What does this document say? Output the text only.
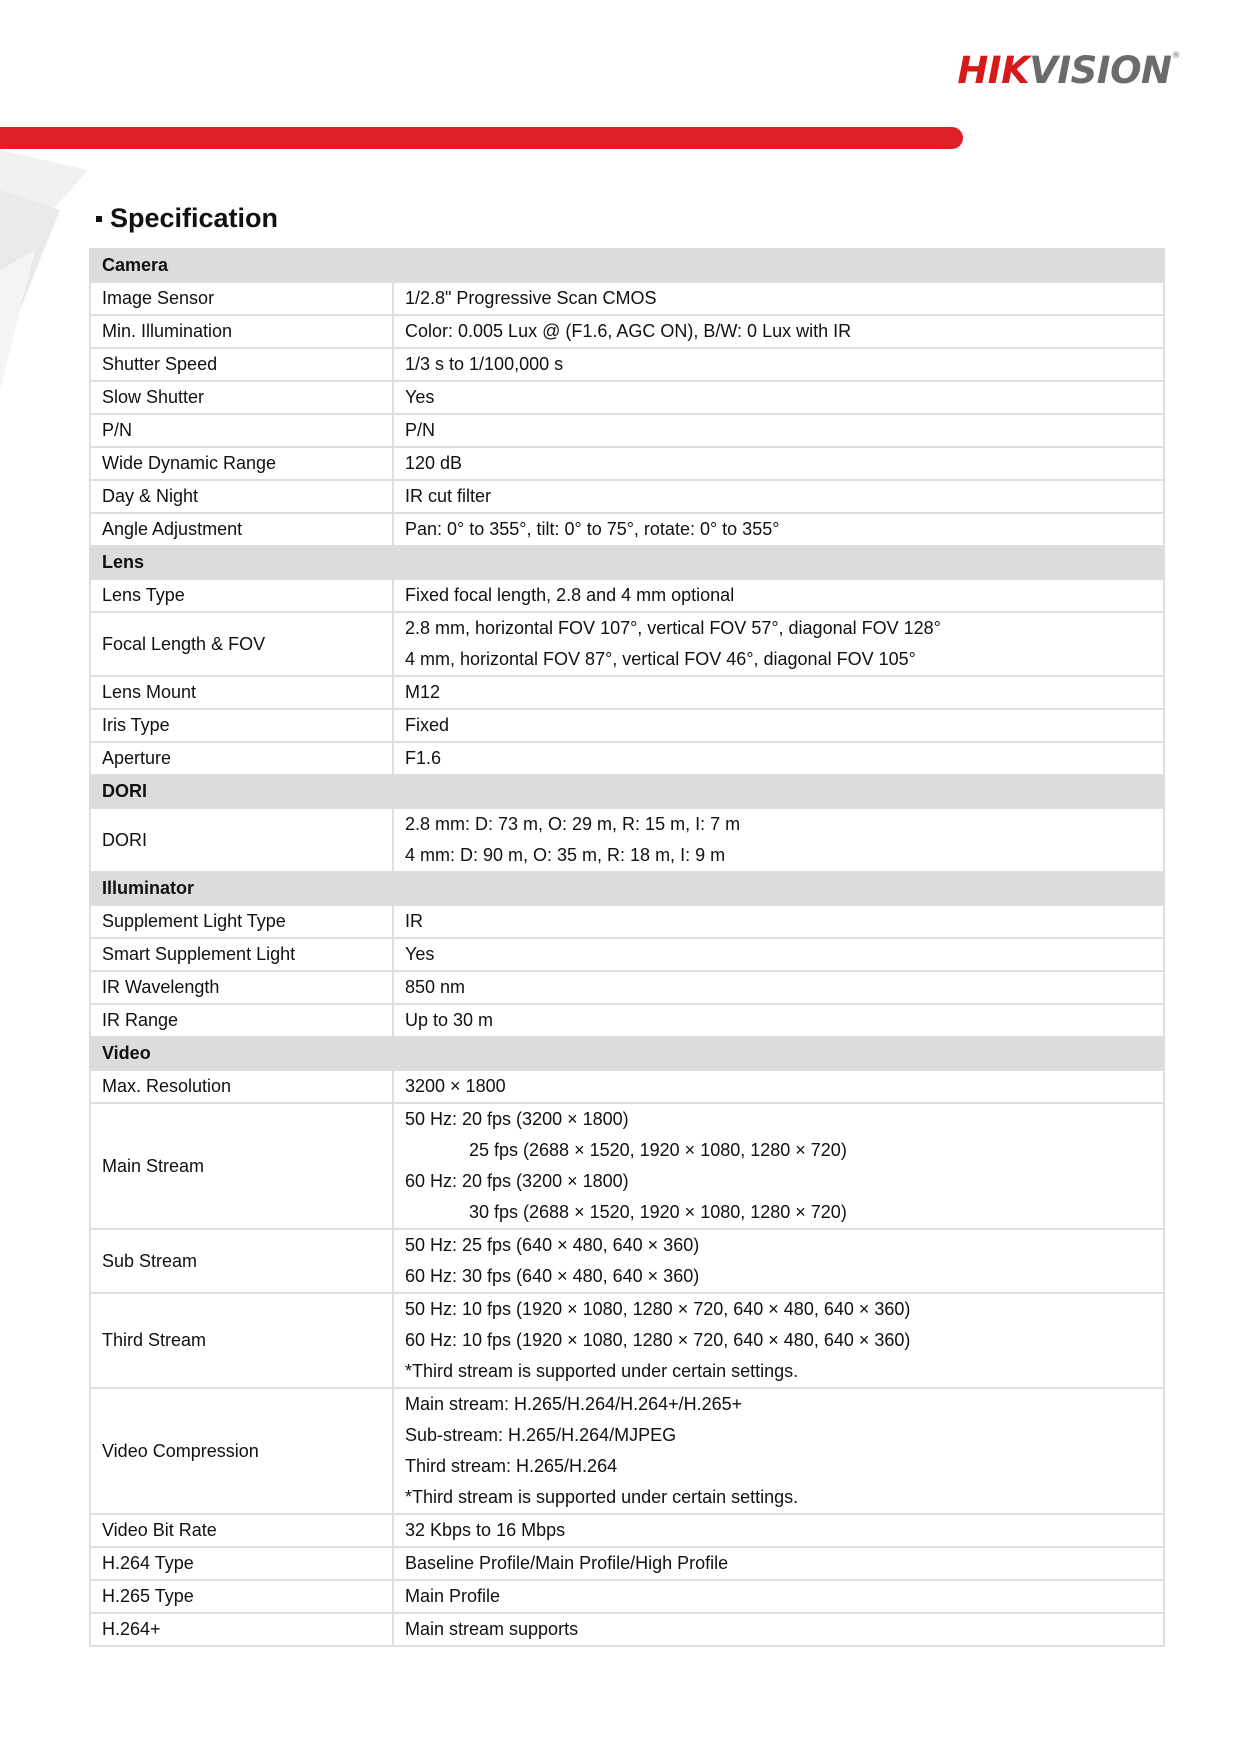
HIKVISION®
Specification
Camera	
Image Sensor	1/2.8" Progressive Scan CMOS

Min. Illumination	Color: 0.005 Lux @ (F1.6, AGC ON), B/W: 0 Lux with IR

Shutter Speed	1/3 s to 1/100,000 s

Slow Shutter	Yes

P/N	P/N

Wide Dynamic Range	120 dB

Day & Night	IR cut filter

Angle Adjustment	Pan: 0° to 355°, tilt: 0° to 75°, rotate: 0° to 355°

Lens	
Lens Type	Fixed focal length, 2.8 and 4 mm optional

Focal Length & FOV	2.8 mm, horizontal FOV 107°, vertical FOV 57°, diagonal FOV 128°
4 mm, horizontal FOV 87°, vertical FOV 46°, diagonal FOV 105°

Lens Mount	M12

Iris Type	Fixed

Aperture	F1.6

DORI	
DORI	2.8 mm: D: 73 m, O: 29 m, R: 15 m, I: 7 m
4 mm: D: 90 m, O: 35 m, R: 18 m, I: 9 m

Illuminator	
Supplement Light Type	IR

Smart Supplement Light	Yes

IR Wavelength	850 nm

IR Range	Up to 30 m

Video	
Max. Resolution	3200 × 1800

Main Stream	50 Hz: 20 fps (3200 × 1800)
25 fps (2688 × 1520, 1920 × 1080, 1280 × 720)
60 Hz: 20 fps (3200 × 1800)
30 fps (2688 × 1520, 1920 × 1080, 1280 × 720)

Sub Stream	50 Hz: 25 fps (640 × 480, 640 × 360)
60 Hz: 30 fps (640 × 480, 640 × 360)

Third Stream	50 Hz: 10 fps (1920 × 1080, 1280 × 720, 640 × 480, 640 × 360)
60 Hz: 10 fps (1920 × 1080, 1280 × 720, 640 × 480, 640 × 360)
*Third stream is supported under certain settings.

Video Compression	Main stream: H.265/H.264/H.264+/H.265+
Sub-stream: H.265/H.264/MJPEG
Third stream: H.265/H.264
*Third stream is supported under certain settings.

Video Bit Rate	32 Kbps to 16 Mbps

H.264 Type	Baseline Profile/Main Profile/High Profile

H.265 Type	Main Profile

H.264+	Main stream supports
